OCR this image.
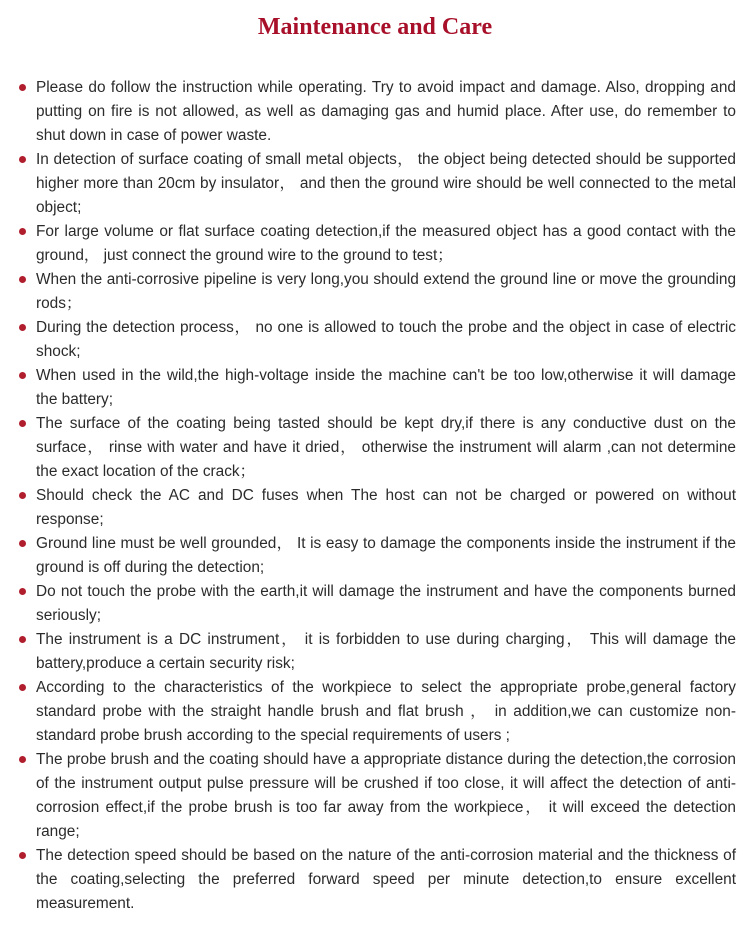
Maintenance and Care
Please do follow the instruction while operating. Try to avoid impact and damage. Also, dropping and putting on fire is not allowed, as well as damaging gas and humid place. After use, do remember to shut down in case of power waste.
In detection of surface coating of small metal objects， the object being detected should be supported higher more than 20cm by insulator， and then the ground wire should be well connected to the metal object;
For large volume or flat surface coating detection,if the measured object has a good contact with the ground， just connect the ground wire to the ground to test；
When the anti-corrosive pipeline is very long,you should extend the ground line or move the grounding rods；
During the detection process， no one is allowed to touch the probe and the object in case of electric shock;
When used in the wild,the high-voltage inside the machine can't be too low,otherwise it will damage the battery;
The surface of the coating being tasted should be kept dry,if there is any conductive dust on the surface， rinse with water and have it dried， otherwise the instrument will alarm ,can not determine the exact location of the crack；
Should check the AC and DC fuses when The host can not be charged or powered on without response;
Ground line must be well grounded， It is easy to damage the components inside the instrument if the ground is off during the detection;
Do not touch the probe with the earth,it will damage the instrument and have the components burned seriously;
The instrument is a DC instrument， it is forbidden to use during charging， This will damage the battery,produce a certain security risk;
According to the characteristics of the workpiece to select the appropriate probe,general factory standard probe with the straight handle brush and flat brush ， in addition,we can customize non-standard probe brush according to the special requirements of users ;
The probe brush and the coating should have a appropriate distance during the detection,the corrosion of the instrument output pulse pressure will be crushed if too close, it will affect the detection of anti-corrosion effect,if the probe brush is too far away from the workpiece， it will exceed the detection range;
The detection speed should be based on the nature of the anti-corrosion material and the thickness of the coating,selecting the preferred forward speed per minute detection,to ensure excellent measurement.
